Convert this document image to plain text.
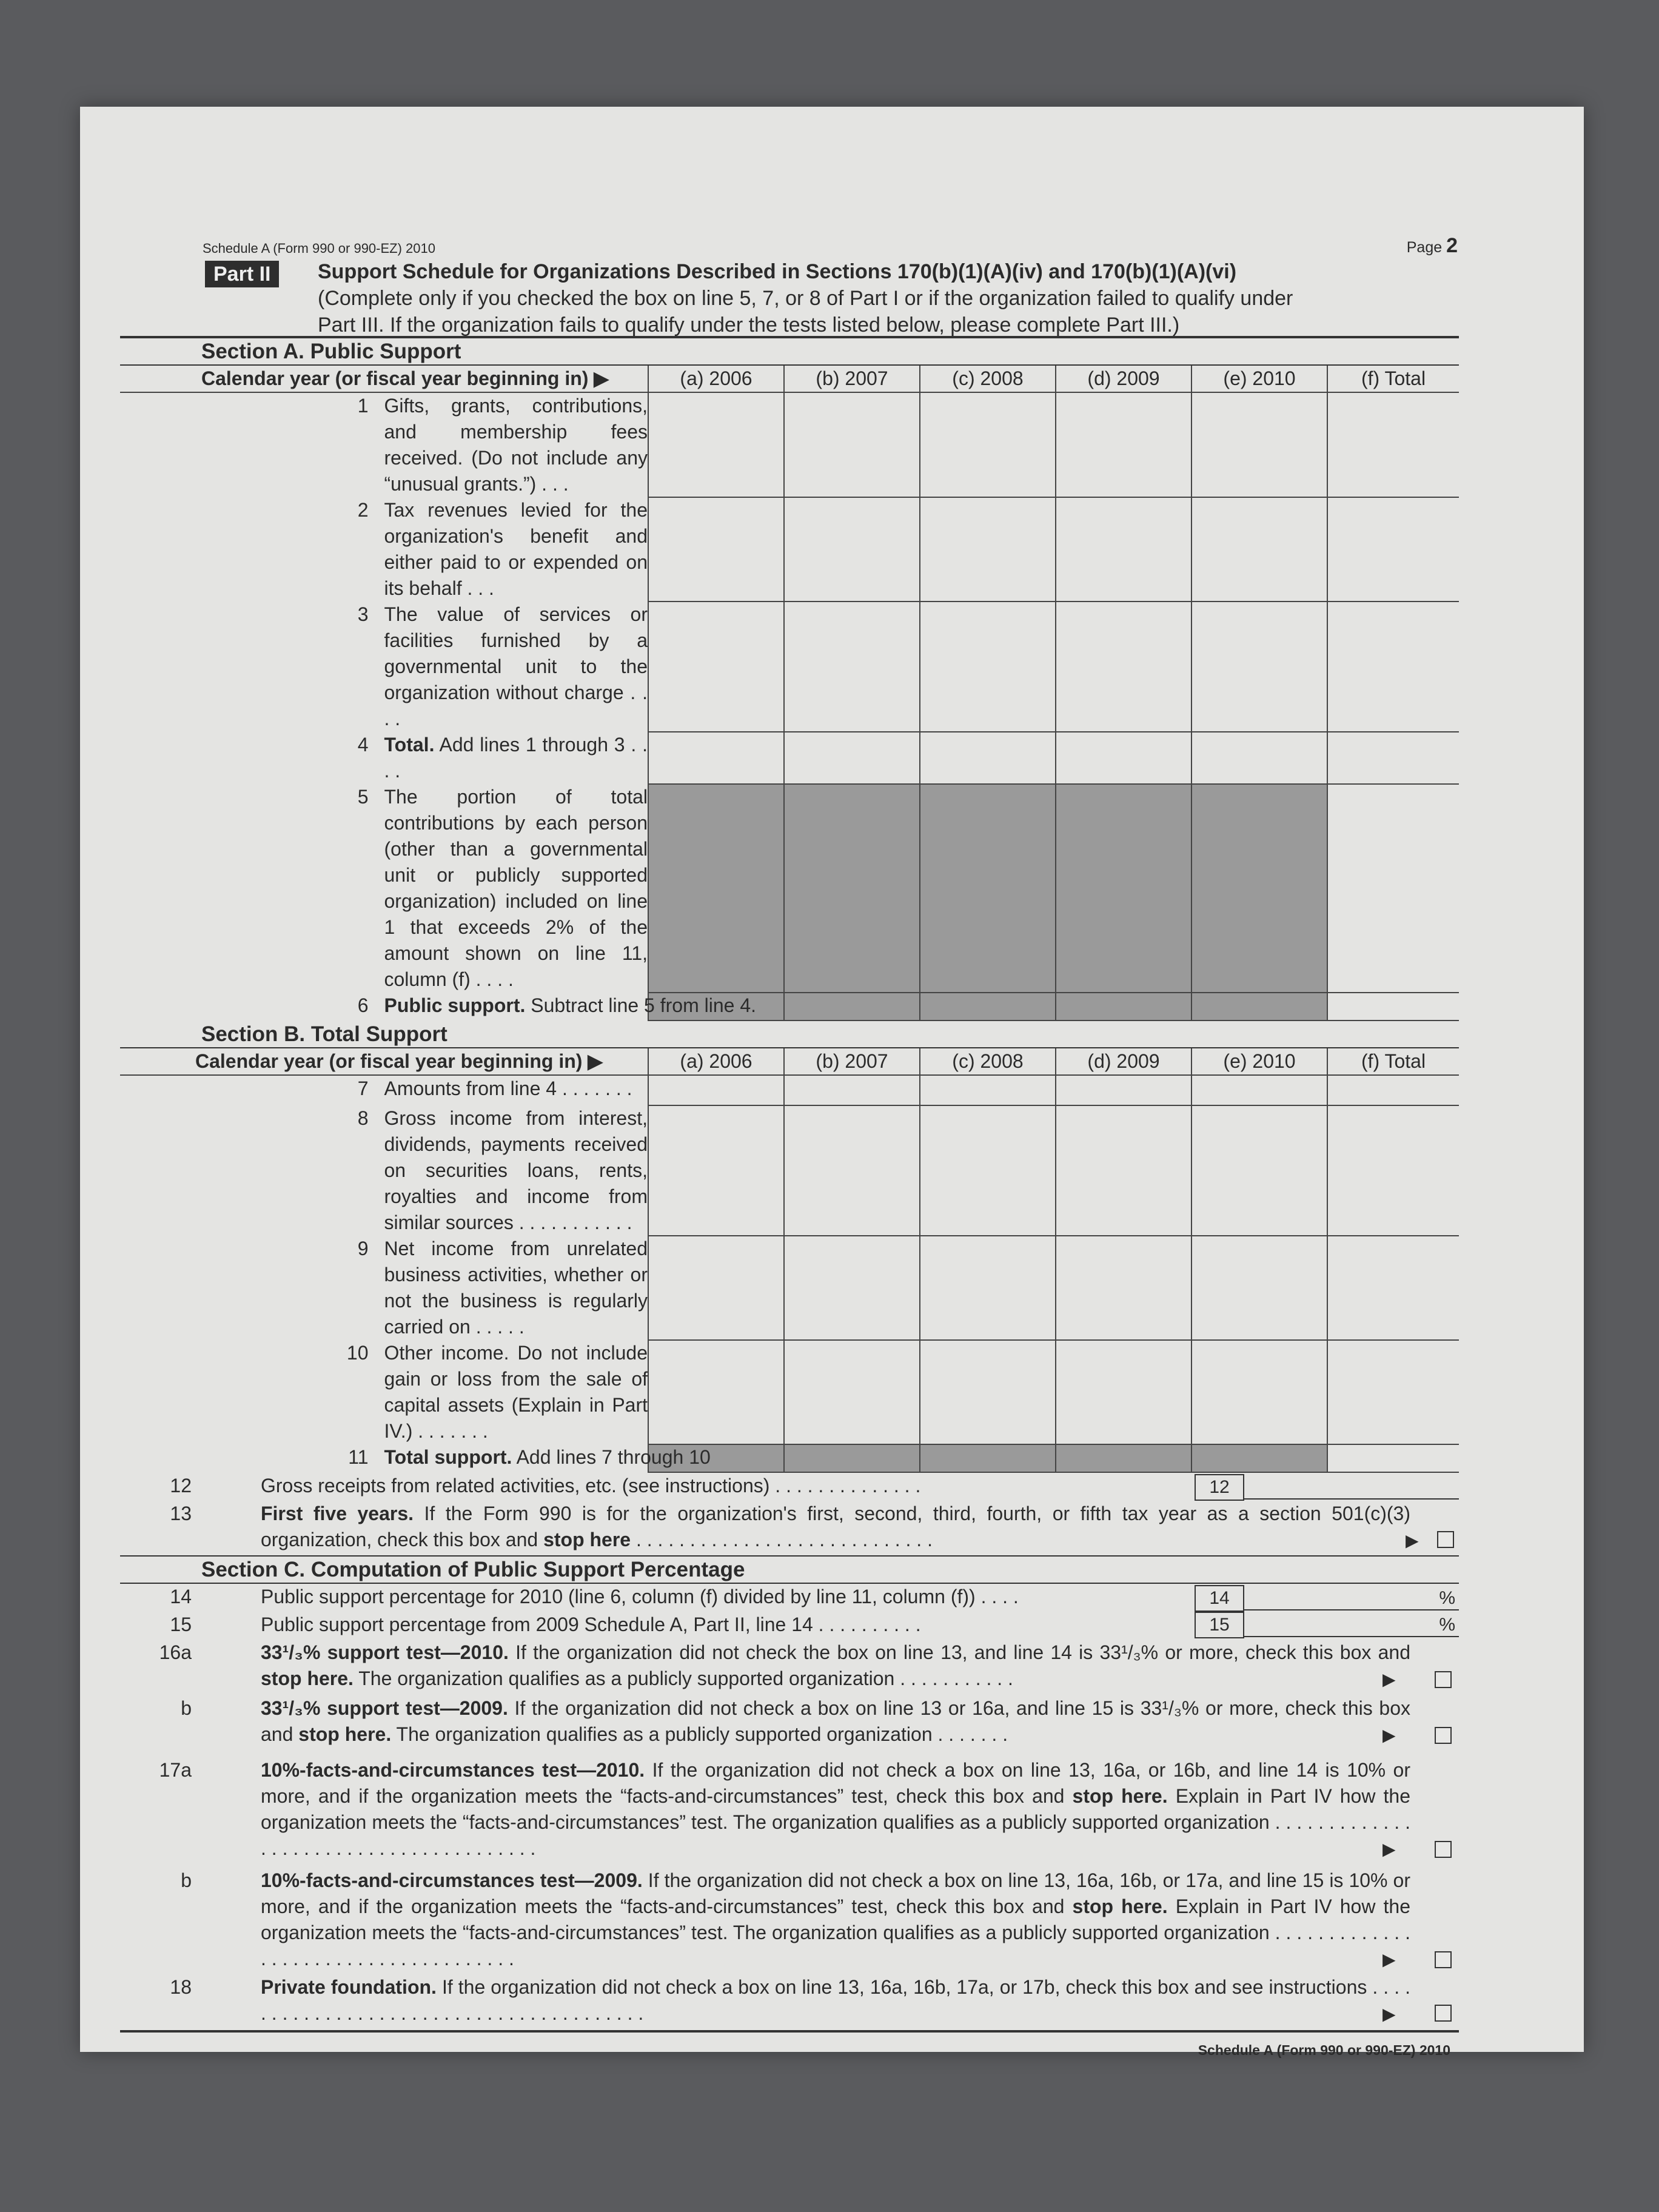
Schedule A (Form 990 or 990-EZ) 2010	Page 2
Part II	Support Schedule for Organizations Described in Sections 170(b)(1)(A)(iv) and 170(b)(1)(A)(vi)
(Complete only if you checked the box on line 5, 7, or 8 of Part I or if the organization failed to qualify under
Part III. If the organization fails to qualify under the tests listed below, please complete Part III.)
Section A. Public Support
Calendar year (or fiscal year beginning in) ▶		(a) 2006	(b) 2007	(c) 2008	(d) 2009	(e) 2010	(f) Total
1	Gifts, grants, contributions, and membership fees received. (Do not include any “unusual grants.”) . . .						
2	Tax revenues levied for the organization's benefit and either paid to or expended on its behalf . . .						
3	The value of services or facilities furnished by a governmental unit to the organization without charge . . . .						
4	Total. Add lines 1 through 3 . . . .						
5	The portion of total contributions by each person (other than a governmental unit or publicly supported organization) included on line 1 that exceeds 2% of the amount shown on line 11, column (f) . . . .						
6	Public support. Subtract line 5 from line 4.						
Section B. Total Support
Calendar year (or fiscal year beginning in) ▶		(a) 2006	(b) 2007	(c) 2008	(d) 2009	(e) 2010	(f) Total
7	Amounts from line 4 . . . . . . .						
8	Gross income from interest, dividends, payments received on securities loans, rents, royalties and income from similar sources . . . . . . . . . . .						
9	Net income from unrelated business activities, whether or not the business is regularly carried on . . . . .						
10	Other income. Do not include gain or loss from the sale of capital assets (Explain in Part IV.) . . . . . . .						
11	Total support. Add lines 7 through 10						
12	Gross receipts from related activities, etc. (see instructions) . . . . . . . . . . . . . .	12
13	First five years. If the Form 990 is for the organization's first, second, third, fourth, or fifth tax year as a section 501(c)(3) organization, check this box and stop here . . . . . . . . . . . . . . . . . . . . . . . . . . . .	▶
Section C. Computation of Public Support Percentage
14	Public support percentage for 2010 (line 6, column (f) divided by line 11, column (f)) . . . .	14	%
15	Public support percentage from 2009 Schedule A, Part II, line 14 . . . . . . . . . .	15	%
16a	33¹/₃% support test—2010. If the organization did not check the box on line 13, and line 14 is 33¹/₃% or more, check this box and stop here. The organization qualifies as a publicly supported organization . . . . . . . . . . .	▶
b	33¹/₃% support test—2009. If the organization did not check a box on line 13 or 16a, and line 15 is 33¹/₃% or more, check this box and stop here. The organization qualifies as a publicly supported organization . . . . . . .	▶
17a	10%-facts-and-circumstances test—2010. If the organization did not check a box on line 13, 16a, or 16b, and line 14 is 10% or more, and if the organization meets the “facts-and-circumstances” test, check this box and stop here. Explain in Part IV how the organization meets the “facts-and-circumstances” test. The organization qualifies as a publicly supported organization . . . . . . . . . . . . . . . . . . . . . . . . . . . . . . . . . . . . . . .	▶
b	10%-facts-and-circumstances test—2009. If the organization did not check a box on line 13, 16a, 16b, or 17a, and line 15 is 10% or more, and if the organization meets the “facts-and-circumstances” test, check this box and stop here. Explain in Part IV how the organization meets the “facts-and-circumstances” test. The organization qualifies as a publicly supported organization . . . . . . . . . . . . . . . . . . . . . . . . . . . . . . . . . . . . .	▶
18	Private foundation. If the organization did not check a box on line 13, 16a, 16b, 17a, or 17b, check this box and see instructions . . . . . . . . . . . . . . . . . . . . . . . . . . . . . . . . . . . . . . . .	▶
Schedule A (Form 990 or 990-EZ) 2010
